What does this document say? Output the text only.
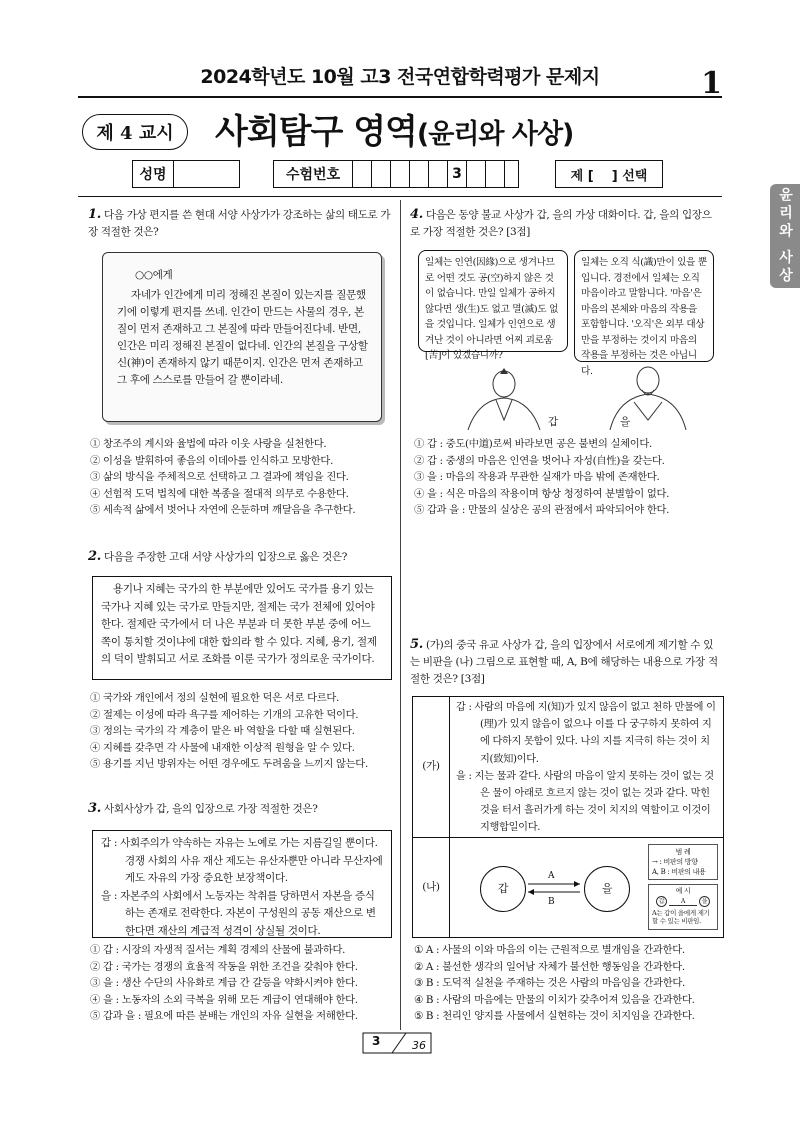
2024학년도 10월 고3 전국연합학력평가 문제지	1
제 4 교시	사회탐구 영역(윤리와 사상)
성명	수험번호	3	제 [    ] 선택
윤리와 사상
1. 다음 가상 편지를 쓴 현대 서양 사상가가 강조하는 삶의 태도로 가장 적절한 것은?
○○에게
자네가 인간에게 미리 정해진 본질이 있는지를 질문했기에 이렇게 편지를 쓰네. 인간이 만드는 사물의 경우, 본질이 먼저 존재하고 그 본질에 따라 만들어진다네. 반면, 인간은 미리 정해진 본질이 없다네. 인간의 본질을 구상할 신(神)이 존재하지 않기 때문이지. 인간은 먼저 존재하고 그 후에 스스로를 만들어 갈 뿐이라네.
① 창조주의 계시와 율법에 따라 이웃 사랑을 실천한다.
② 이성을 발휘하여 좋음의 이데아를 인식하고 모방한다.
③ 삶의 방식을 주체적으로 선택하고 그 결과에 책임을 진다.
④ 선험적 도덕 법칙에 대한 복종을 절대적 의무로 수용한다.
⑤ 세속적 삶에서 벗어나 자연에 은둔하며 깨달음을 추구한다.
2. 다음을 주장한 고대 서양 사상가의 입장으로 옳은 것은?
용기나 지혜는 국가의 한 부분에만 있어도 국가를 용기 있는 국가나 지혜 있는 국가로 만들지만, 절제는 국가 전체에 있어야 한다. 절제란 국가에서 더 나은 부분과 더 못한 부분 중에 어느 쪽이 통치할 것이냐에 대한 합의라 할 수 있다. 지혜, 용기, 절제의 덕이 발휘되고 서로 조화를 이룬 국가가 정의로운 국가이다.
① 국가와 개인에서 정의 실현에 필요한 덕은 서로 다르다.
② 절제는 이성에 따라 욕구를 제어하는 기개의 고유한 덕이다.
③ 정의는 국가의 각 계층이 맡은 바 역할을 다할 때 실현된다.
④ 지혜를 갖추면 각 사물에 내재한 이상적 원형을 알 수 있다.
⑤ 용기를 지닌 방위자는 어떤 경우에도 두려움을 느끼지 않는다.
3. 사회사상가 갑, 을의 입장으로 가장 적절한 것은?
갑 : 사회주의가 약속하는 자유는 노예로 가는 지름길일 뿐이다. 경쟁 사회의 사유 재산 제도는 유산자뿐만 아니라 무산자에게도 자유의 가장 중요한 보장책이다.
을 : 자본주의 사회에서 노동자는 착취를 당하면서 자본을 증식하는 존재로 전락한다. 자본이 구성원의 공동 재산으로 변한다면 재산의 계급적 성격이 상실될 것이다.
① 갑 : 시장의 자생적 질서는 계획 경제의 산물에 불과하다.
② 갑 : 국가는 경쟁의 효율적 작동을 위한 조건을 갖춰야 한다.
③ 을 : 생산 수단의 사유화로 계급 간 갈등을 약화시켜야 한다.
④ 을 : 노동자의 소외 극복을 위해 모든 계급이 연대해야 한다.
⑤ 갑과 을 : 필요에 따른 분배는 개인의 자유 실현을 저해한다.
4. 다음은 동양 불교 사상가 갑, 을의 가상 대화이다. 갑, 을의 입장으로 가장 적절한 것은? [3점]
일체는 인연(因緣)으로 생겨나므로 어떤 것도 공(空)하지 않은 것이 없습니다. 만일 일체가 공하지 않다면 생(生)도 없고 멸(滅)도 없을 것입니다. 일체가 인연으로 생겨난 것이 아니라면 어찌 괴로움[苦]이 있겠습니까?
일체는 오직 식(識)만이 있을 뿐입니다. 경전에서 일체는 오직 마음이라고 말합니다. '마음'은 마음의 본체와 마음의 작용을 포함합니다. '오직'은 외부 대상만을 부정하는 것이지 마음의 작용을 부정하는 것은 아닙니다.
갑	을
① 갑 : 중도(中道)로써 바라보면 공은 불변의 실체이다.
② 갑 : 중생의 마음은 인연을 벗어나 자성(自性)을 갖는다.
③ 을 : 마음의 작용과 무관한 실재가 마음 밖에 존재한다.
④ 을 : 식은 마음의 작용이며 항상 청정하여 분별함이 없다.
⑤ 갑과 을 : 만물의 실상은 공의 관점에서 파악되어야 한다.
5. (가)의 중국 유교 사상가 갑, 을의 입장에서 서로에게 제기할 수 있는 비판을 (나) 그림으로 표현할 때, A, B에 해당하는 내용으로 가장 적절한 것은? [3점]
(가)
갑 : 사람의 마음에 지(知)가 있지 않음이 없고 천하 만물에 이(理)가 있지 않음이 없으나 이를 다 궁구하지 못하여 지에 다하지 못함이 있다. 나의 지를 지극히 하는 것이 치지(致知)이다.
을 : 지는 물과 같다. 사람의 마음이 알지 못하는 것이 없는 것은 물이 아래로 흐르지 않는 것이 없는 것과 같다. 막힌 것을 터서 흘러가게 하는 것이 치지의 역할이고 이것이 지행합일이다.
(나)	갑	을
A
B
범 례
→ : 비판의 방향
A, B : 비판의 내용
예 시
갑	A	을
A는 갑이 을에게 제기할 수 있는 비판임.
① A : 사물의 이와 마음의 이는 근원적으로 별개임을 간과한다.
② A : 불선한 생각의 일어남 자체가 불선한 행동임을 간과한다.
③ B : 도덕적 실천을 주재하는 것은 사람의 마음임을 간과한다.
④ B : 사람의 마음에는 만물의 이치가 갖추어져 있음을 간과한다.
⑤ B : 천리인 양지를 사물에서 실현하는 것이 치지임을 간과한다.
3	36
